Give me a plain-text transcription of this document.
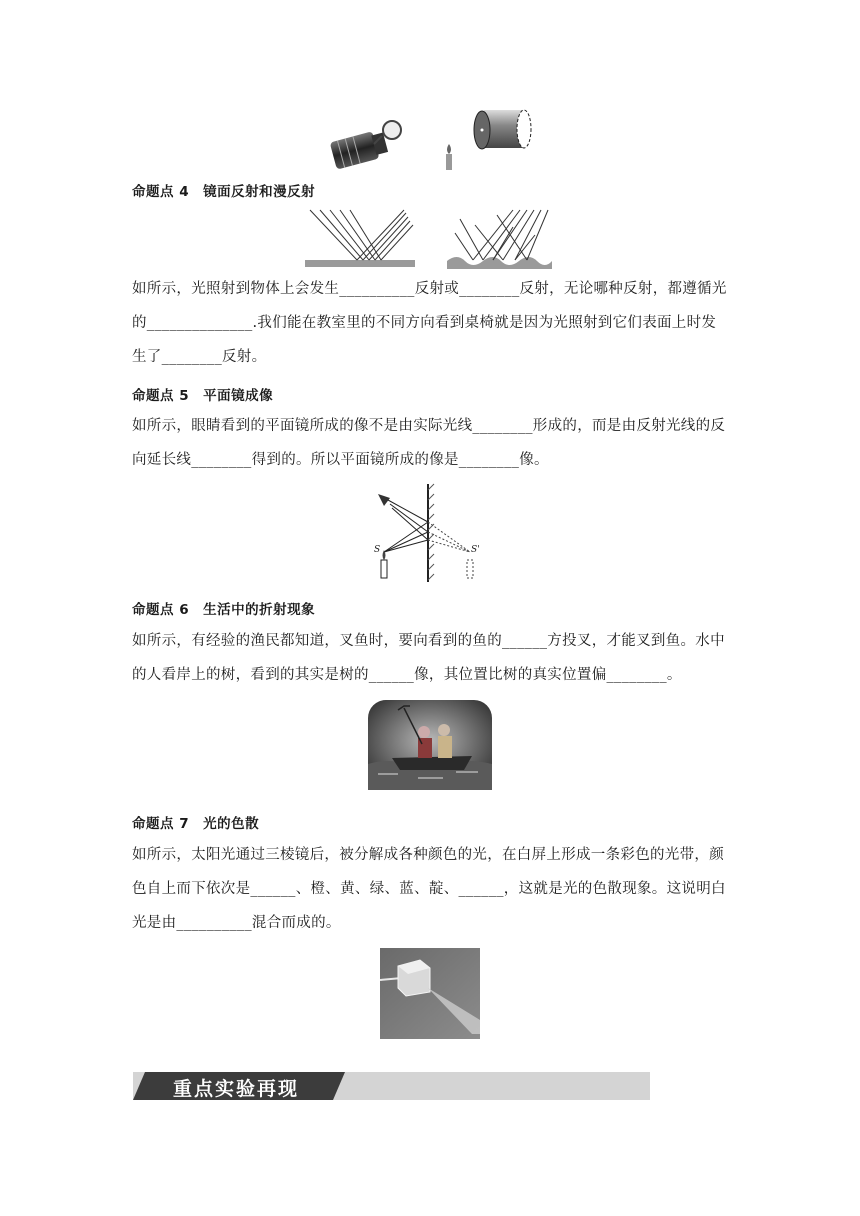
命题点 4　镜面反射和漫反射
如所示，光照射到物体上会发生__________反射或________反射，无论哪种反射，都遵循光
的______________.我们能在教室里的不同方向看到桌椅就是因为光照射到它们表面上时发
生了________反射。
命题点 5　平面镜成像
如所示，眼睛看到的平面镜所成的像不是由实际光线________形成的，而是由反射光线的反
向延长线________得到的。所以平面镜所成的像是________像。
S	S'
命题点 6　生活中的折射现象
如所示，有经验的渔民都知道，叉鱼时，要向看到的鱼的______方投叉，才能叉到鱼。水中
的人看岸上的树，看到的其实是树的______像，其位置比树的真实位置偏________。
命题点 7　光的色散
如所示，太阳光通过三棱镜后，被分解成各种颜色的光，在白屏上形成一条彩色的光带，颜
色自上而下依次是______、橙、黄、绿、蓝、靛、______，这就是光的色散现象。这说明白
光是由__________混合而成的。
重点实验再现
